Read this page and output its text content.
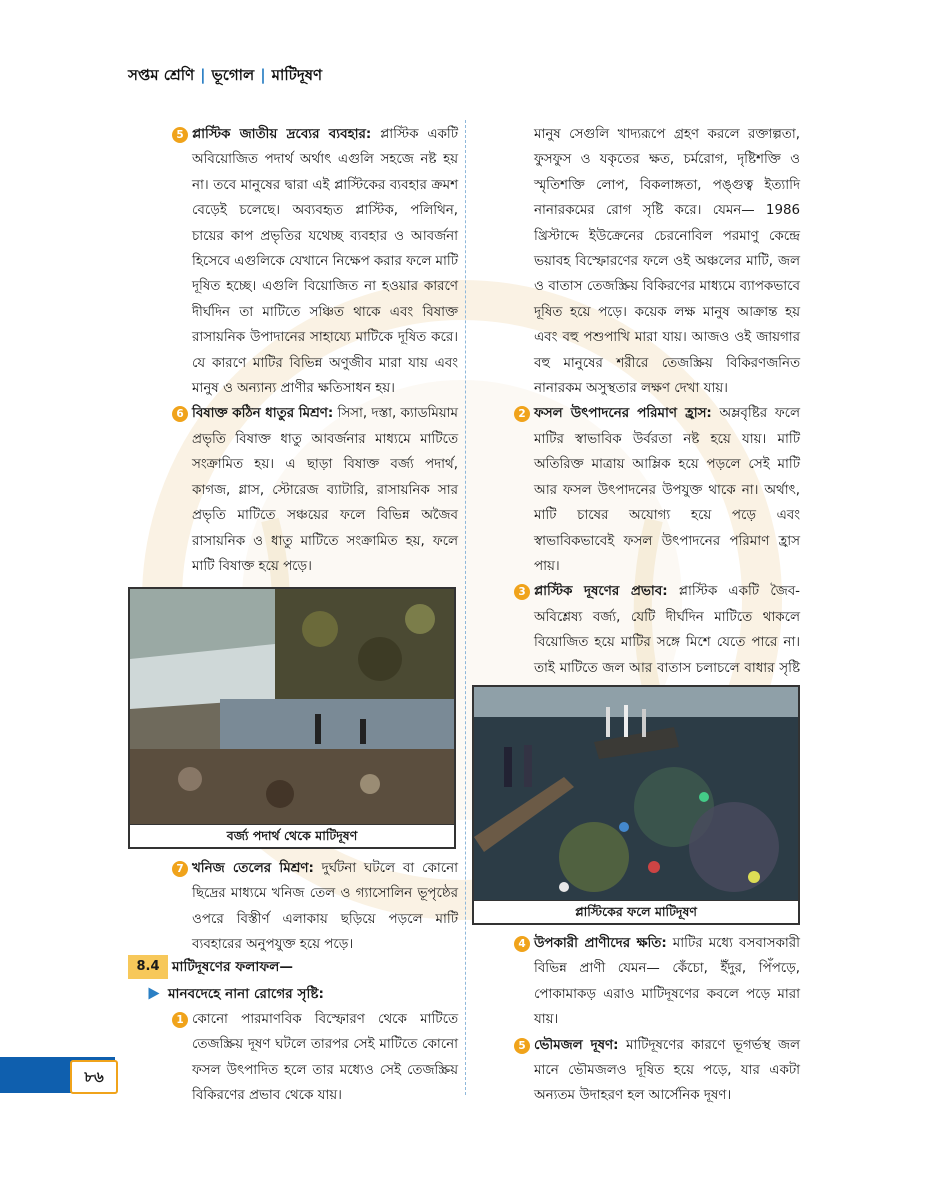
সপ্তম শ্রেণি | ভূগোল | মাটিদূষণ
5 প্লাস্টিক জাতীয় দ্রব্যের ব্যবহার: প্লাস্টিক একটি অবিয়োজিত পদার্থ অর্থাৎ এগুলি সহজে নষ্ট হয় না। তবে মানুষের দ্বারা এই প্লাস্টিকের ব্যবহার ক্রমশ বেড়েই চলেছে। অব্যবহৃত প্লাস্টিক, পলিথিন, চায়ের কাপ প্রভৃতির যথেচ্ছ ব্যবহার ও আবর্জনা হিসেবে এগুলিকে যেখানে নিক্ষেপ করার ফলে মাটি দূষিত হচ্ছে। এগুলি বিয়োজিত না হওয়ার কারণে দীর্ঘদিন তা মাটিতে সঞ্চিত থাকে এবং বিষাক্ত রাসায়নিক উপাদানের সাহায্যে মাটিকে দূষিত করে। যে কারণে মাটির বিভিন্ন অণুজীব মারা যায় এবং মানুষ ও অন্যান্য প্রাণীর ক্ষতিসাধন হয়।
6 বিষাক্ত কঠিন ধাতুর মিশ্রণ: সিসা, দস্তা, ক্যাডমিয়াম প্রভৃতি বিষাক্ত ধাতু আবর্জনার মাধ্যমে মাটিতে সংক্রামিত হয়। এ ছাড়া বিষাক্ত বর্জ্য পদার্থ, কাগজ, গ্লাস, স্টোরেজ ব্যাটারি, রাসায়নিক সার প্রভৃতি মাটিতে সঞ্চয়ের ফলে বিভিন্ন অজৈব রাসায়নিক ও ধাতু মাটিতে সংক্রামিত হয়, ফলে মাটি বিষাক্ত হয়ে পড়ে।
বর্জ্য পদার্থ থেকে মাটিদূষণ
7 খনিজ তেলের মিশ্রণ: দুর্ঘটনা ঘটলে বা কোনো ছিদ্রের মাধ্যমে খনিজ তেল ও গ্যাসোলিন ভূপৃষ্ঠের ওপরে বিস্তীর্ণ এলাকায় ছড়িয়ে পড়লে মাটি ব্যবহারের অনুপযুক্ত হয়ে পড়ে।
8.4 মাটিদূষণের ফলাফল—
মানবদেহে নানা রোগের সৃষ্টি:
1 কোনো পারমাণবিক বিস্ফোরণ থেকে মাটিতে তেজস্ক্রিয় দূষণ ঘটলে তারপর সেই মাটিতে কোনো ফসল উৎপাদিত হলে তার মধ্যেও সেই তেজস্ক্রিয় বিকিরণের প্রভাব থেকে যায়।
মানুষ সেগুলি খাদ্যরূপে গ্রহণ করলে রক্তাল্পতা, ফুসফুস ও যকৃতের ক্ষত, চর্মরোগ, দৃষ্টিশক্তি ও স্মৃতিশক্তি লোপ, বিকলাঙ্গতা, পঙ্গুত্ব ইত্যাদি নানারকমের রোগ সৃষ্টি করে। যেমন— 1986 খ্রিস্টাব্দে ইউক্রেনের চেরনোবিল পরমাণু কেন্দ্রে ভয়াবহ বিস্ফোরণের ফলে ওই অঞ্চলের মাটি, জল ও বাতাস তেজস্ক্রিয় বিকিরণের মাধ্যমে ব্যাপকভাবে দূষিত হয়ে পড়ে। কয়েক লক্ষ মানুষ আক্রান্ত হয় এবং বহু পশুপাখি মারা যায়। আজও ওই জায়গার বহু মানুষের শরীরে তেজস্ক্রিয় বিকিরণজনিত নানারকম অসুস্থতার লক্ষণ দেখা যায়।
2 ফসল উৎপাদনের পরিমাণ হ্রাস: অম্লবৃষ্টির ফলে মাটির স্বাভাবিক উর্বরতা নষ্ট হয়ে যায়। মাটি অতিরিক্ত মাত্রায় আম্লিক হয়ে পড়লে সেই মাটি আর ফসল উৎপাদনের উপযুক্ত থাকে না। অর্থাৎ, মাটি চাষের অযোগ্য হয়ে পড়ে এবং স্বাভাবিকভাবেই ফসল উৎপাদনের পরিমাণ হ্রাস পায়।
3 প্লাস্টিক দূষণের প্রভাব: প্লাস্টিক একটি জৈব-অবিশ্লেষ্য বর্জ্য, যেটি দীর্ঘদিন মাটিতে থাকলে বিয়োজিত হয়ে মাটির সঙ্গে মিশে যেতে পারে না। তাই মাটিতে জল আর বাতাস চলাচলে বাধার সৃষ্টি
প্লাস্টিকের ফলে মাটিদূষণ
4 উপকারী প্রাণীদের ক্ষতি: মাটির মধ্যে বসবাসকারী বিভিন্ন প্রাণী যেমন— কেঁচো, ইঁদুর, পিঁপড়ে, পোকামাকড় এরাও মাটিদূষণের কবলে পড়ে মারা যায়।
5 ভৌমজল দূষণ: মাটিদূষণের কারণে ভূগর্ভস্থ জল মানে ভৌমজলও দূষিত হয়ে পড়ে, যার একটা অন্যতম উদাহরণ হল আর্সেনিক দূষণ।
৮৬
